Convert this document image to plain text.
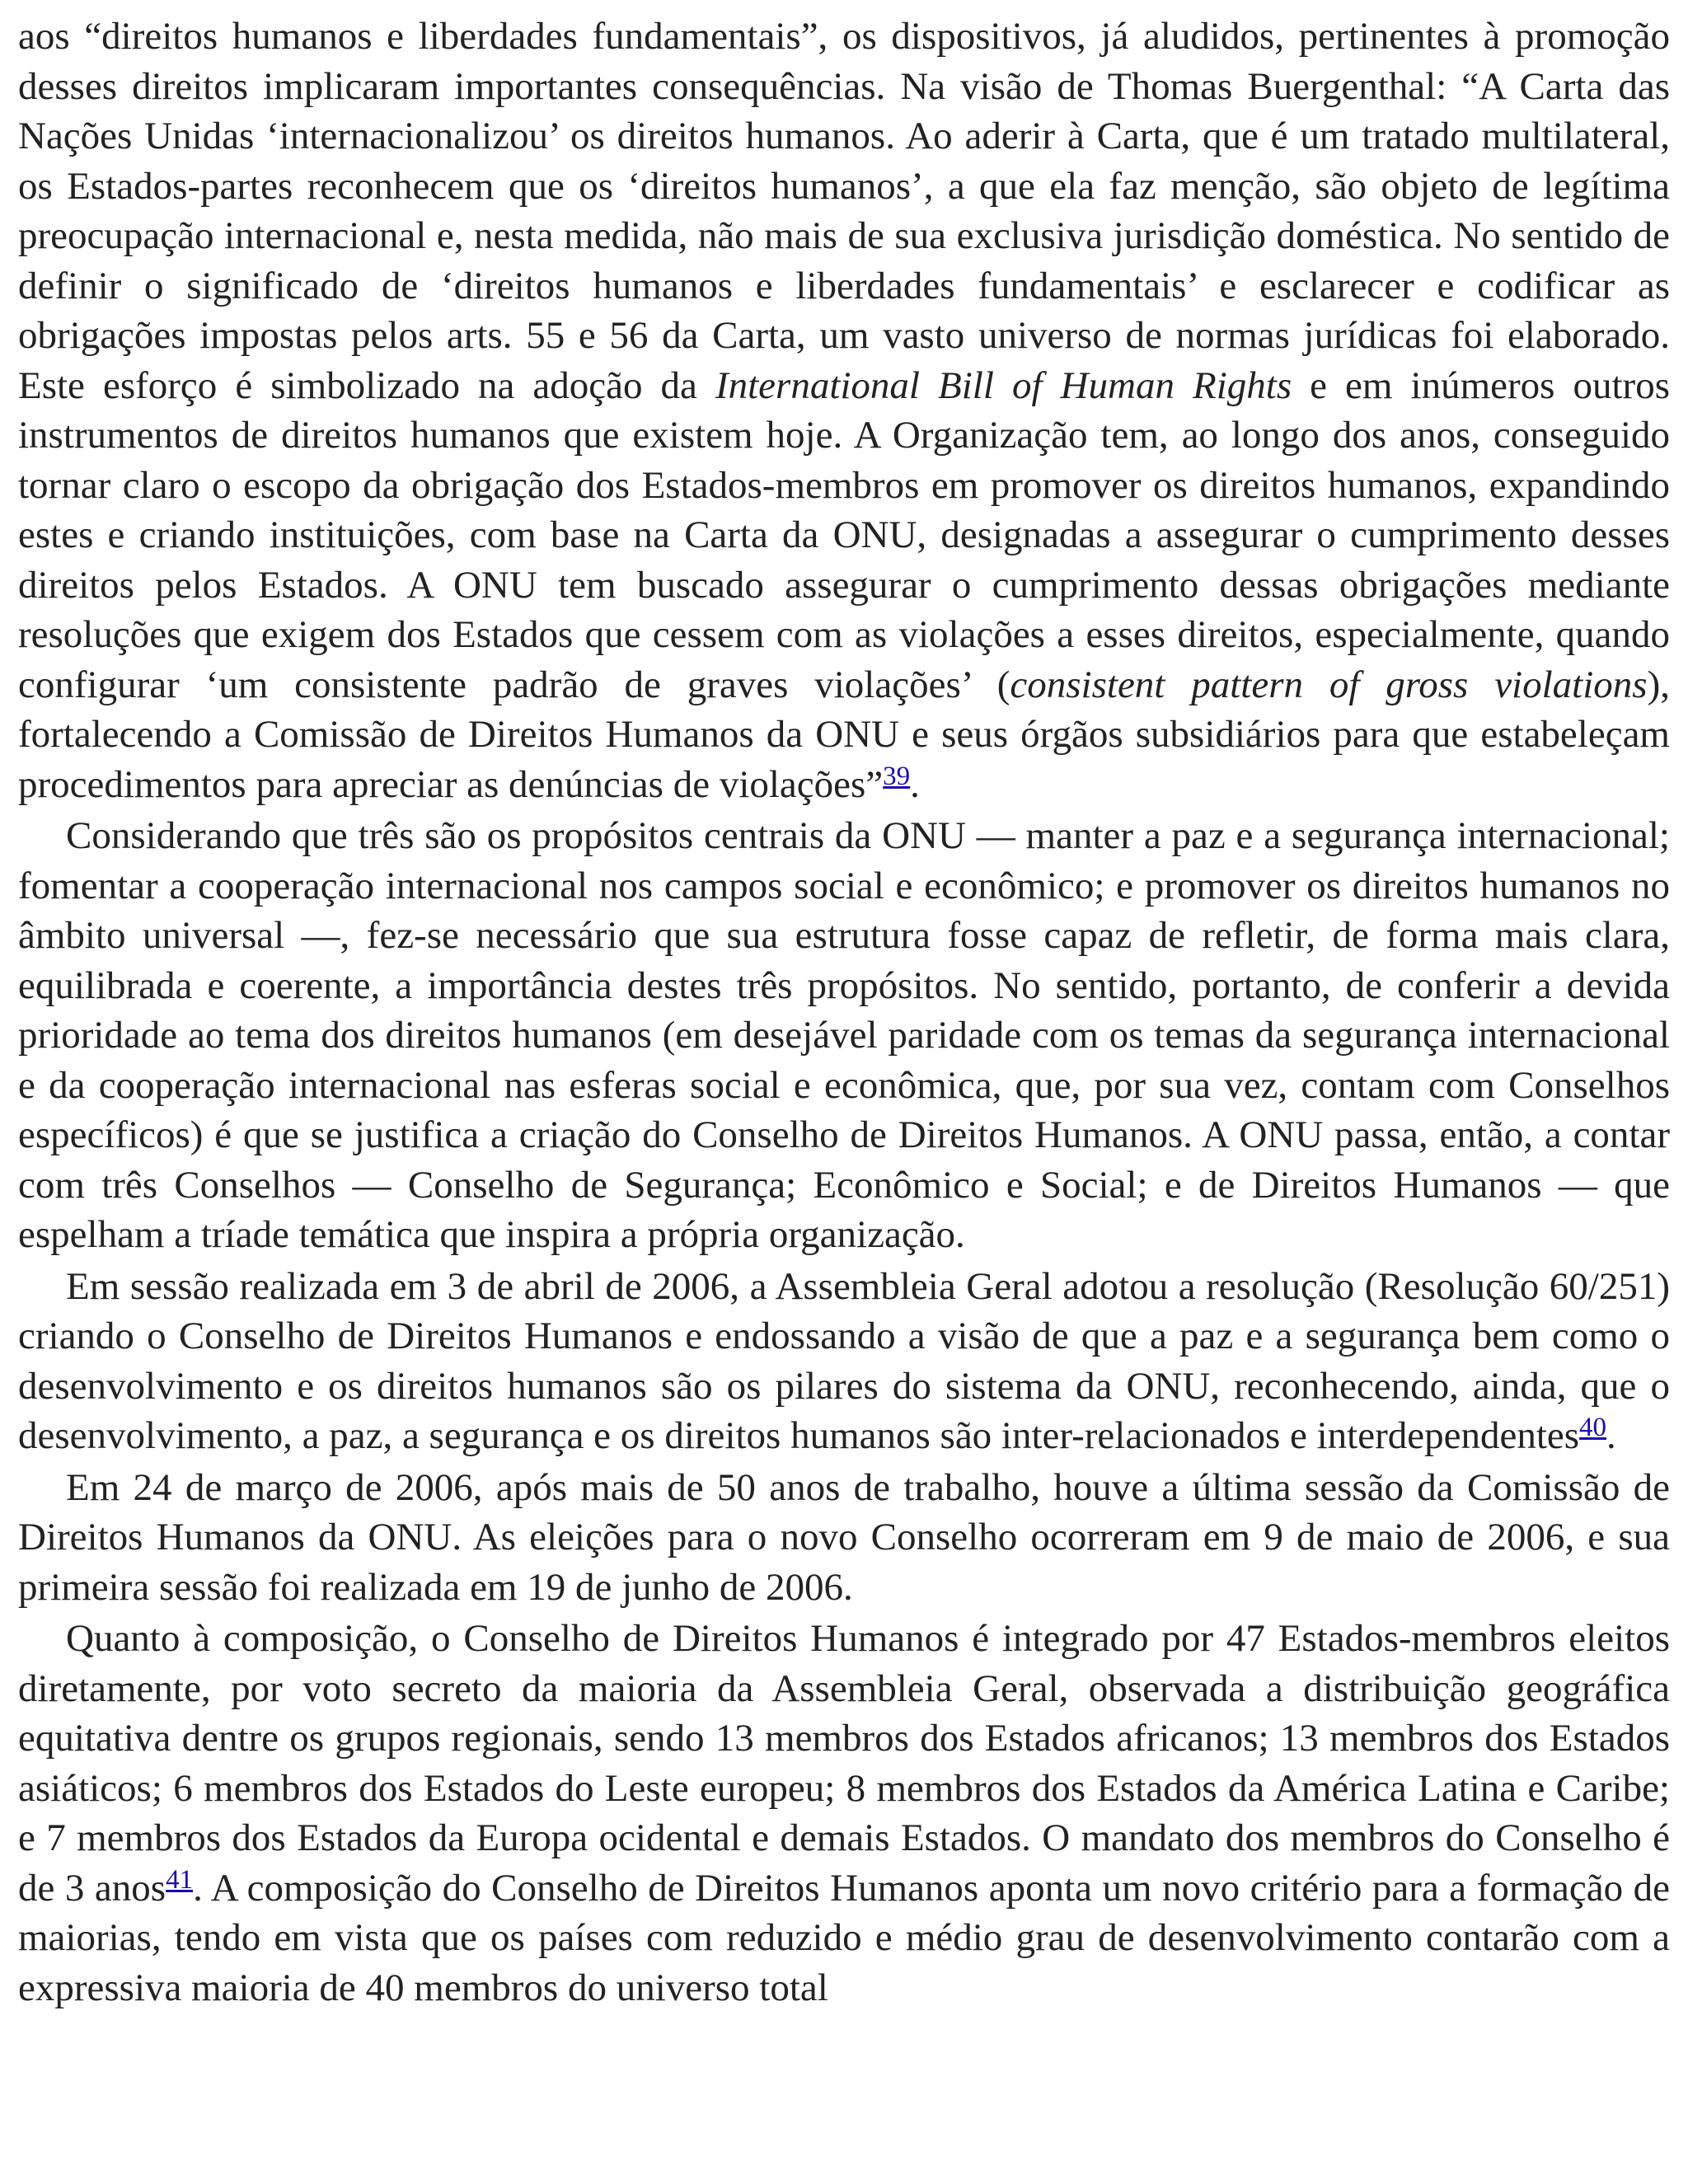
aos “direitos humanos e liberdades fundamentais”, os dispositivos, já aludidos, pertinentes à promoção desses direitos implicaram importantes consequências. Na visão de Thomas Buergenthal: “A Carta das Nações Unidas ‘internacionalizou’ os direitos humanos. Ao aderir à Carta, que é um tratado multilateral, os Estados-partes reconhecem que os ‘direitos humanos’, a que ela faz menção, são objeto de legítima preocupação internacional e, nesta medida, não mais de sua exclusiva jurisdição doméstica. No sentido de definir o significado de ‘direitos humanos e liberdades fundamentais’ e esclarecer e codificar as obrigações impostas pelos arts. 55 e 56 da Carta, um vasto universo de normas jurídicas foi elaborado. Este esforço é simbolizado na adoção da International Bill of Human Rights e em inúmeros outros instrumentos de direitos humanos que existem hoje. A Organização tem, ao longo dos anos, conseguido tornar claro o escopo da obrigação dos Estados-membros em promover os direitos humanos, expandindo estes e criando instituições, com base na Carta da ONU, designadas a assegurar o cumprimento desses direitos pelos Estados. A ONU tem buscado assegurar o cumprimento dessas obrigações mediante resoluções que exigem dos Estados que cessem com as violações a esses direitos, especialmente, quando configurar ‘um consistente padrão de graves violações’ (consistent pattern of gross violations), fortalecendo a Comissão de Direitos Humanos da ONU e seus órgãos subsidiários para que estabeleçam procedimentos para apreciar as denúncias de violações”$^{39}$.

Considerando que três são os propósitos centrais da ONU — manter a paz e a segurança internacional; fomentar a cooperação internacional nos campos social e econômico; e promover os direitos humanos no âmbito universal —, fez-se necessário que sua estrutura fosse capaz de refletir, de forma mais clara, equilibrada e coerente, a importância destes três propósitos. No sentido, portanto, de conferir a devida prioridade ao tema dos direitos humanos (em desejável paridade com os temas da segurança internacional e da cooperação internacional nas esferas social e econômica, que, por sua vez, contam com Conselhos específicos) é que se justifica a criação do Conselho de Direitos Humanos. A ONU passa, então, a contar com três Conselhos — Conselho de Segurança; Econômico e Social; e de Direitos Humanos — que espelham a tríade temática que inspira a própria organização.

Em sessão realizada em 3 de abril de 2006, a Assembleia Geral adotou a resolução (Resolução 60/251) criando o Conselho de Direitos Humanos e endossando a visão de que a paz e a segurança bem como o desenvolvimento e os direitos humanos são os pilares do sistema da ONU, reconhecendo, ainda, que o desenvolvimento, a paz, a segurança e os direitos humanos são inter-relacionados e interdependentes$^{40}$.

Em 24 de março de 2006, após mais de 50 anos de trabalho, houve a última sessão da Comissão de Direitos Humanos da ONU. As eleições para o novo Conselho ocorreram em 9 de maio de 2006, e sua primeira sessão foi realizada em 19 de junho de 2006.

Quanto à composição, o Conselho de Direitos Humanos é integrado por 47 Estados-membros eleitos diretamente, por voto secreto da maioria da Assembleia Geral, observada a distribuição geográfica equitativa dentre os grupos regionais, sendo 13 membros dos Estados africanos; 13 membros dos Estados asiáticos; 6 membros dos Estados do Leste europeu; 8 membros dos Estados da América Latina e Caribe; e 7 membros dos Estados da Europa ocidental e demais Estados. O mandato dos membros do Conselho é de 3 anos$^{41}$. A composição do Conselho de Direitos Humanos aponta um novo critério para a formação de maiorias, tendo em vista que os países com reduzido e médio grau de desenvolvimento contarão com a expressiva maioria de 40 membros do universo total
